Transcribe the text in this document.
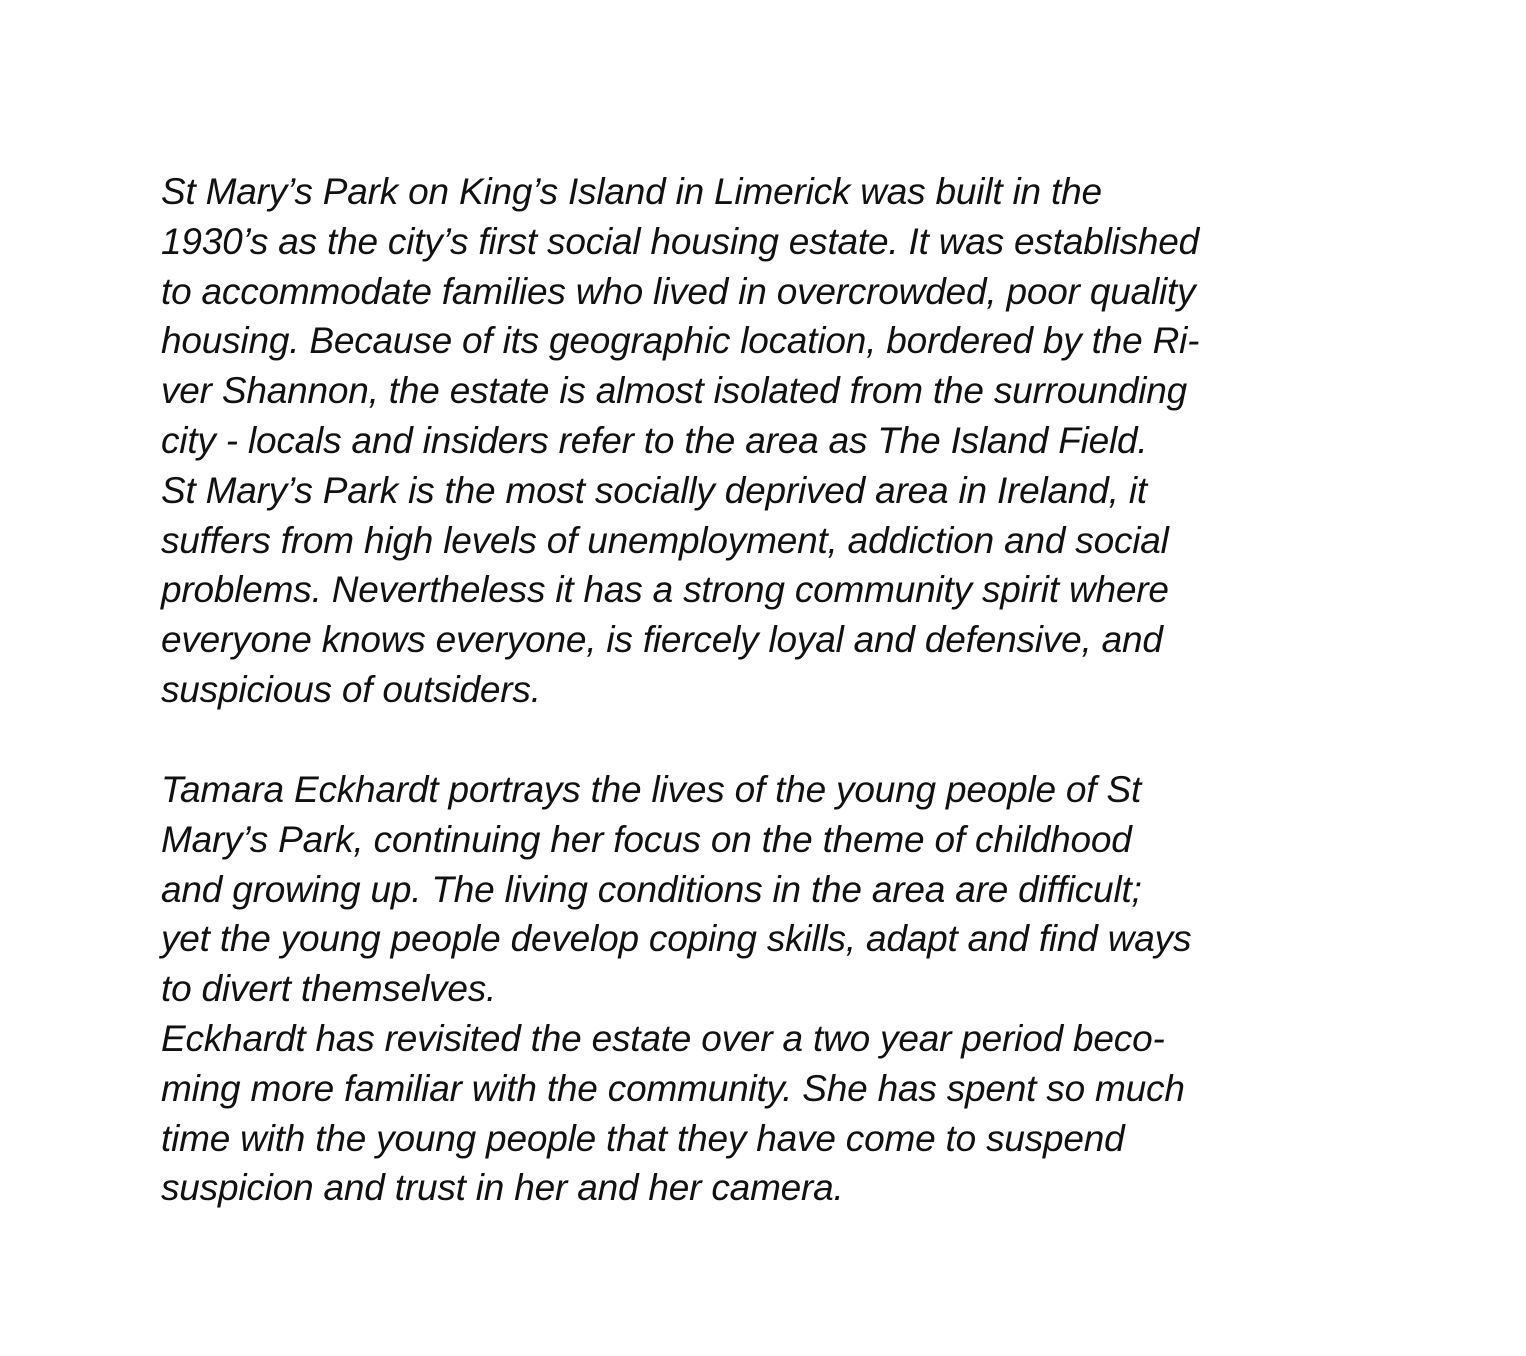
St Mary’s Park on King’s Island in Limerick was built in the
1930’s as the city’s first social housing estate. It was established
to accommodate families who lived in overcrowded, poor quality
housing. Because of its geographic location, bordered by the Ri-
ver Shannon, the estate is almost isolated from the surrounding
city - locals and insiders refer to the area as The Island Field.
St Mary’s Park is the most socially deprived area in Ireland, it
suffers from high levels of unemployment, addiction and social
problems. Nevertheless it has a strong community spirit where
everyone knows everyone, is fiercely loyal and defensive, and
suspicious of outsiders.
Tamara Eckhardt portrays the lives of the young people of St
Mary’s Park, continuing her focus on the theme of childhood
and growing up. The living conditions in the area are difficult;
yet the young people develop coping skills, adapt and find ways
to divert themselves.
Eckhardt has revisited the estate over a two year period beco-
ming more familiar with the community. She has spent so much
time with the young people that they have come to suspend
suspicion and trust in her and her camera.
